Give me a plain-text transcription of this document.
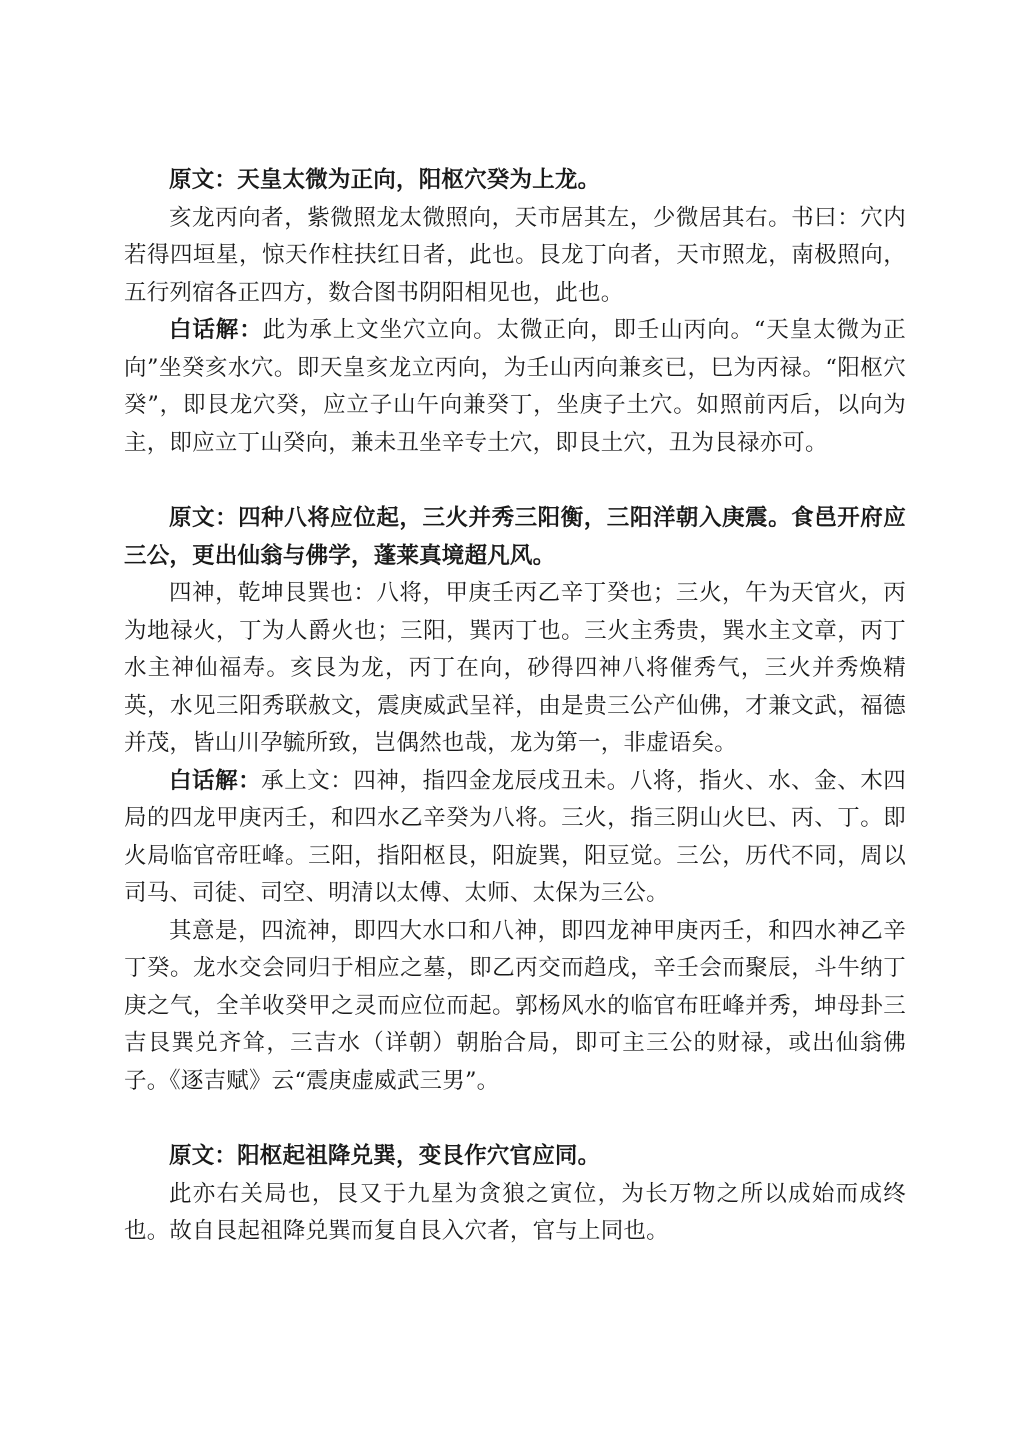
原文：天皇太微为正向，阳枢穴癸为上龙。

亥龙丙向者，紫微照龙太微照向，天市居其左，少微居其右。书曰：穴内若得四垣星，惊天作柱扶红日者，此也。艮龙丁向者，天市照龙，南极照向，五行列宿各正四方，数合图书阴阳相见也，此也。

白话解：此为承上文坐穴立向。太微正向，即壬山丙向。“天皇太微为正向”坐癸亥水穴。即天皇亥龙立丙向，为壬山丙向兼亥已，巳为丙禄。“阳枢穴癸”，即艮龙穴癸，应立子山午向兼癸丁，坐庚子土穴。如照前丙后，以向为主，即应立丁山癸向，兼未丑坐辛专土穴，即艮土穴，丑为艮禄亦可。

原文：四种八将应位起，三火并秀三阳衡，三阳洋朝入庚震。食邑开府应三公，更出仙翁与佛学，蓬莱真境超凡风。

四神，乾坤艮巽也：八将，甲庚壬丙乙辛丁癸也；三火，午为天官火，丙为地禄火，丁为人爵火也；三阳，巽丙丁也。三火主秀贵，巽水主文章，丙丁水主神仙福寿。亥艮为龙，丙丁在向，砂得四神八将催秀气，三火并秀焕精英，水见三阳秀联赦文，震庚威武呈祥，由是贵三公产仙佛，才兼文武，福德并茂，皆山川孕毓所致，岂偶然也哉，龙为第一，非虚语矣。

白话解：承上文：四神，指四金龙辰戌丑未。八将，指火、水、金、木四局的四龙甲庚丙壬，和四水乙辛癸为八将。三火，指三阴山火巳、丙、丁。即火局临官帝旺峰。三阳，指阳枢艮，阳旋巽，阳豆觉。三公，历代不同，周以司马、司徒、司空、明清以太傅、太师、太保为三公。

其意是，四流神，即四大水口和八神，即四龙神甲庚丙壬，和四水神乙辛丁癸。龙水交会同归于相应之墓，即乙丙交而趋戌，辛壬会而聚辰，斗牛纳丁庚之气，全羊收癸甲之灵而应位而起。郭杨风水的临官布旺峰并秀，坤母卦三吉艮巽兑齐耸，三吉水（详朝）朝胎合局，即可主三公的财禄，或出仙翁佛子。《逐吉赋》云“震庚虚威武三男”。

原文：阳枢起祖降兑巽，变艮作穴官应同。

此亦右关局也，艮又于九星为贪狼之寅位，为长万物之所以成始而成终也。故自艮起祖降兑巽而复自艮入穴者，官与上同也。
